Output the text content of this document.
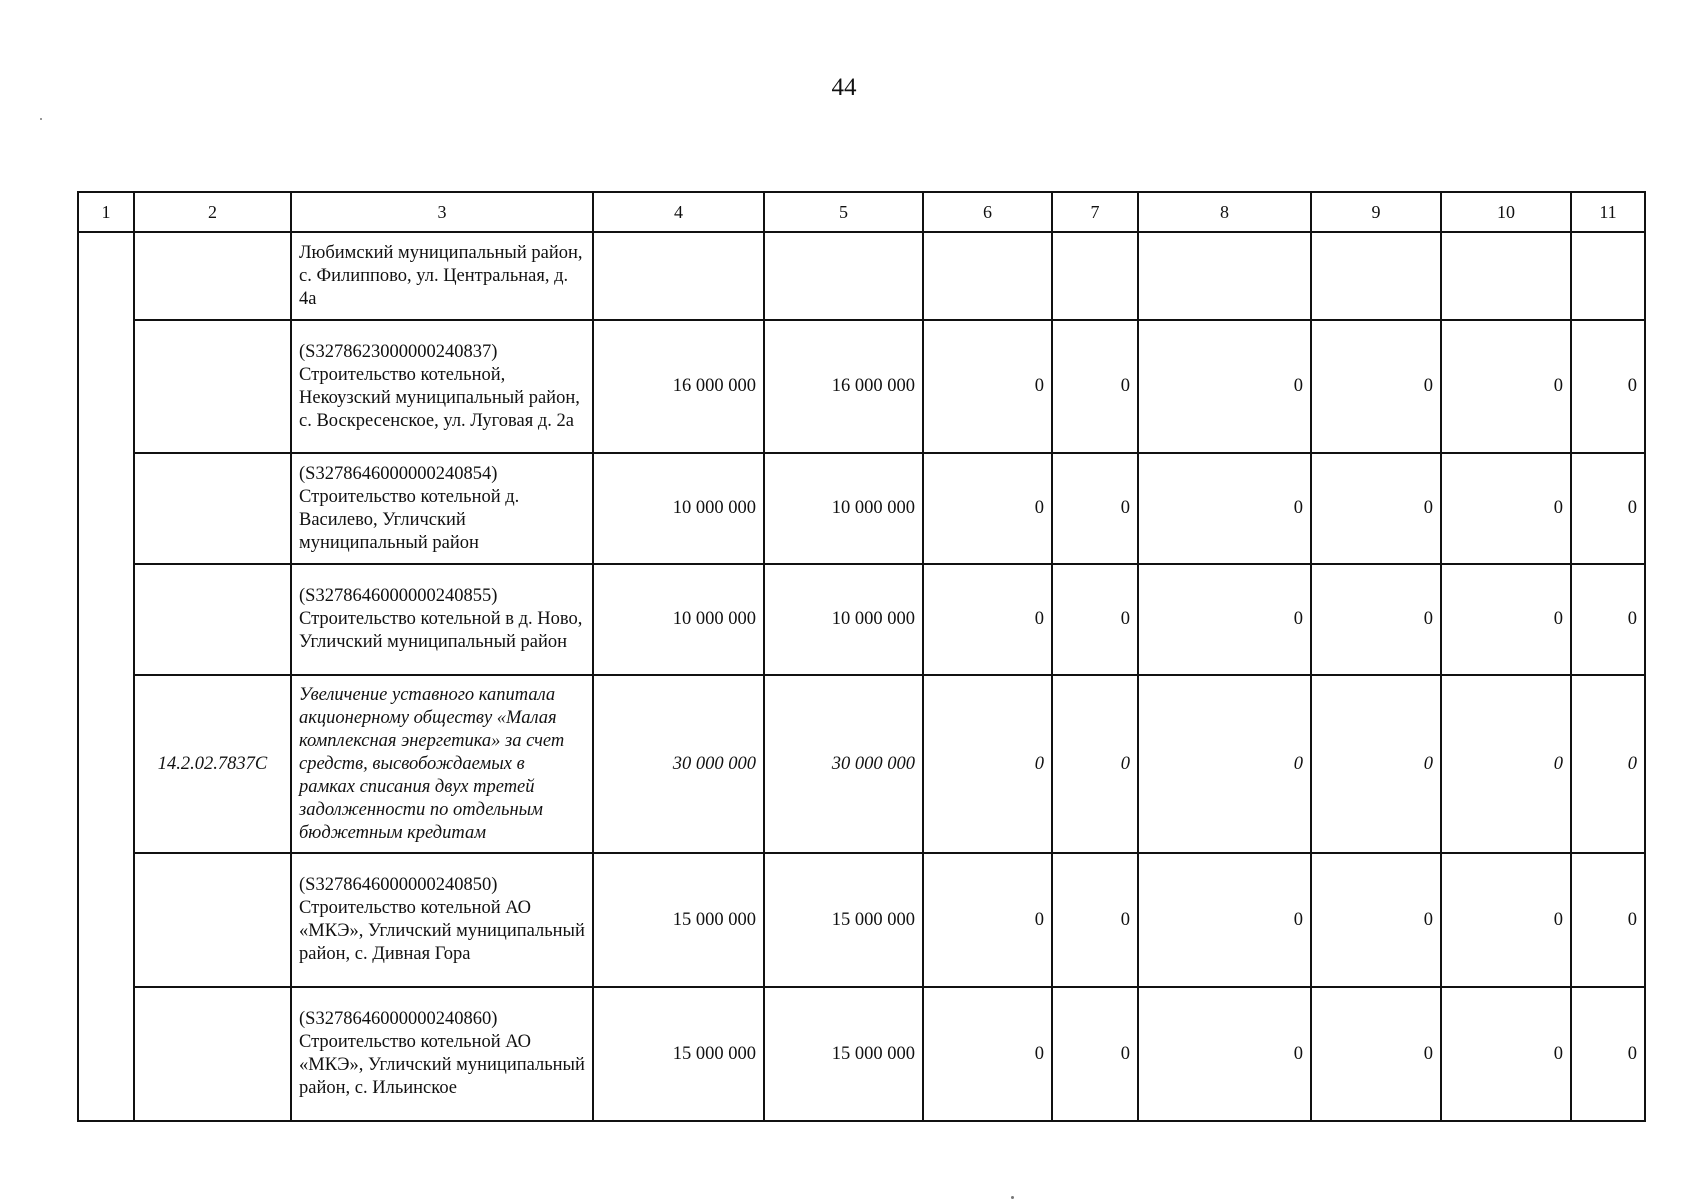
44
1	2	3	4	5	6	7	8	9	10	11
		Любимский муниципальный район, с. Филиппово, ул. Центральная, д. 4а								
		(S327862300000024083​7) Строительство котельной, Некоузский муниципальный район, с. Воскресенское, ул. Луговая д. 2а	16 000 000	16 000 000	0	0	0	0	0	0
		(S3278646000000240854) Строительство котельной д. Василево, Угличский муниципальный район	10 000 000	10 000 000	0	0	0	0	0	0
		(S3278646000000240855) Строительство котельной в д. Ново, Угличский муниципальный район	10 000 000	10 000 000	0	0	0	0	0	0
	14.2.02.7837С	Увеличение уставного капитала акционерному обществу «Малая комплексная энергетика» за счет средств, высвобождаемых в рамках списания двух третей задолженности по отдельным бюджетным кредитам	30 000 000	30 000 000	0	0	0	0	0	0
		(S3278646000000240850) Строительство котельной АО «МКЭ», Угличский муниципальный район, с. Дивная Гора	15 000 000	15 000 000	0	0	0	0	0	0
		(S3278646000000240860) Строительство котельной АО «МКЭ», Угличский муниципальный район, с. Ильинское	15 000 000	15 000 000	0	0	0	0	0	0
